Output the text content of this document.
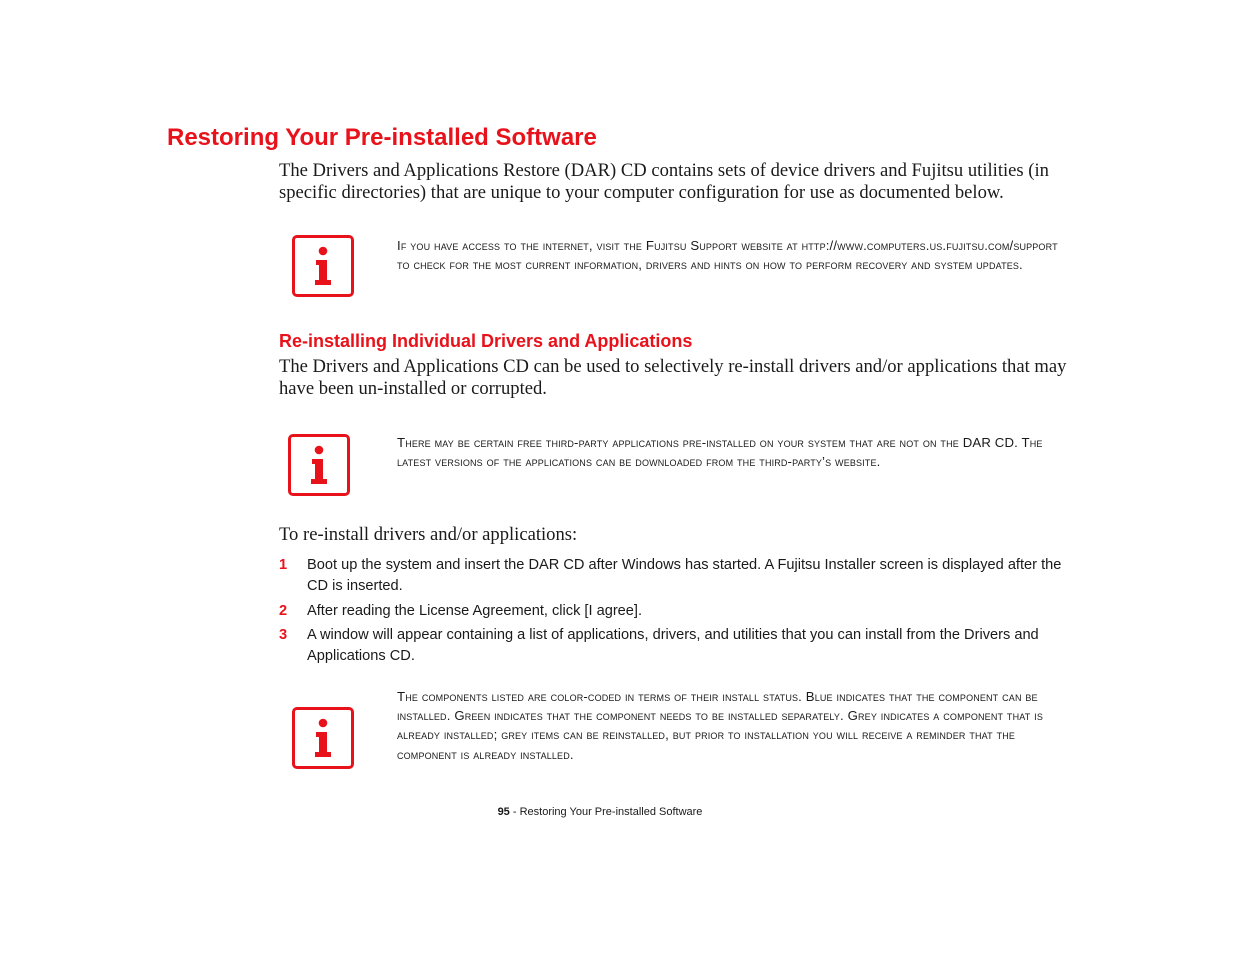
Restoring Your Pre-installed Software
The Drivers and Applications Restore (DAR) CD contains sets of device drivers and Fujitsu utilities (in specific directories) that are unique to your computer configuration for use as documented below.
If you have access to the internet, visit the Fujitsu Support website at http://www.computers.us.fujitsu.com/support to check for the most current information, drivers and hints on how to perform recovery and system updates.
Re-installing Individual Drivers and Applications
The Drivers and Applications CD can be used to selectively re-install drivers and/or applications that may have been un-installed or corrupted.
There may be certain free third-party applications pre-installed on your system that are not on the DAR CD. The latest versions of the applications can be downloaded from the third-party’s website.
To re-install drivers and/or applications:
1	Boot up the system and insert the DAR CD after Windows has started. A Fujitsu Installer screen is displayed after the CD is inserted.
2	After reading the License Agreement, click [I agree].
3	A window will appear containing a list of applications, drivers, and utilities that you can install from the Drivers and Applications CD.
The components listed are color-coded in terms of their install status. Blue indicates that the component can be installed. Green indicates that the component needs to be installed separately. Grey indicates a component that is already installed; grey items can be reinstalled, but prior to installation you will receive a reminder that the component is already installed.
95 - Restoring Your Pre-installed Software
